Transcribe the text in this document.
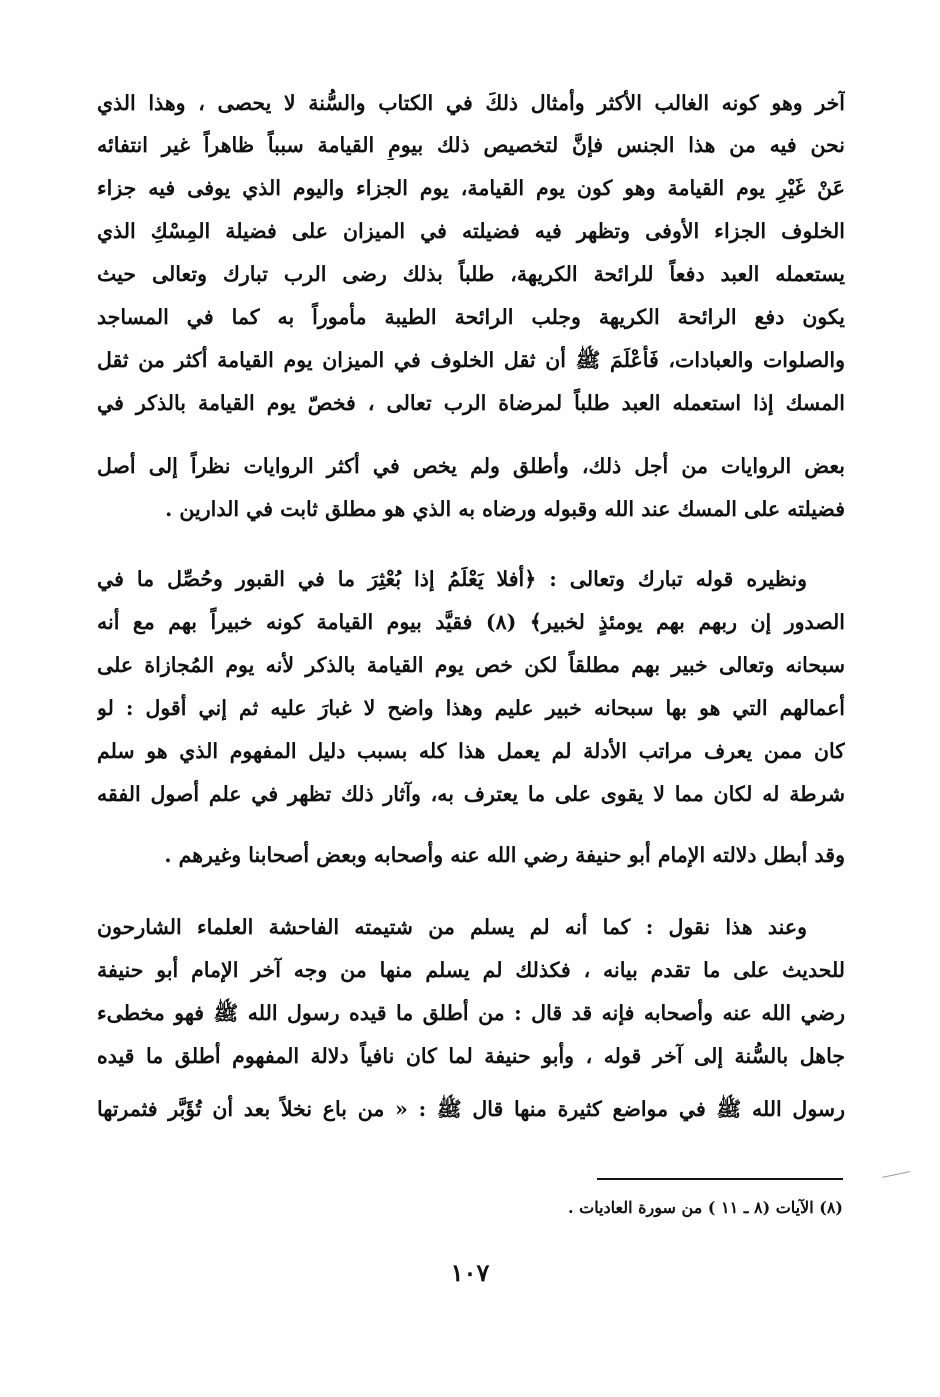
آخر وهو كونه الغالب الأكثر وأمثال ذلكَ في الكتاب والسُّنة لا يحصى ، وهذا الذي
نحن فيه من هذا الجنس فإنَّ لتخصيص ذلك بيومِ القيامة سبباً ظاهراً غير انتفائه
عَنْ غَيْرِ يوم القيامة وهو كون يوم القيامة، يوم الجزاء واليوم الذي يوفى فيه جزاء
الخلوف الجزاء الأوفى وتظهر فيه فضيلته في الميزان على فضيلة المِسْكِ الذي
يستعمله العبد دفعاً للرائحة الكريهة، طلباً بذلك رضى الرب تبارك وتعالى حيث
يكون دفع الرائحة الكريهة وجلب الرائحة الطيبة مأموراً به كما في المساجد
والصلوات والعبادات، فَأَعْلَمَ ﷺ أن ثقل الخلوف في الميزان يوم القيامة أكثر من ثقل
المسك إذا استعمله العبد طلباً لمرضاة الرب تعالى ، فخصّ يوم القيامة بالذكر في
بعض الروايات من أجل ذلك، وأطلق ولم يخص في أكثر الروايات نظراً إلى أصل
فضيلته على المسك عند الله وقبوله ورضاه به الذي هو مطلق ثابت في الدارين .
ونظيره قوله تبارك وتعالى : ﴿أفلا يَعْلَمُ إذا بُعْثِرَ ما في القبور وحُصِّل ما في
الصدور إن ربهم بهم يومئذٍ لخبير﴾ (٨) فقيَّد بيوم القيامة كونه خبيراً بهم مع أنه
سبحانه وتعالى خبير بهم مطلقاً لكن خص يوم القيامة بالذكر لأنه يوم المُجازاة على
أعمالهم التي هو بها سبحانه خبير عليم وهذا واضح لا غبارَ عليه ثم إني أقول : لو
كان ممن يعرف مراتب الأدلة لم يعمل هذا كله بسبب دليل المفهوم الذي هو سلم
شرطة له لكان مما لا يقوى على ما يعترف به، وآثار ذلك تظهر في علم أصول الفقه
وقد أبطل دلالته الإمام أبو حنيفة رضي الله عنه وأصحابه وبعض أصحابنا وغيرهم .
وعند هذا نقول : كما أنه لم يسلم من شتيمته الفاحشة العلماء الشارحون
للحديث على ما تقدم بيانه ، فكذلك لم يسلم منها من وجه آخر الإمام أبو حنيفة
رضي الله عنه وأصحابه فإنه قد قال : من أطلق ما قيده رسول الله ﷺ فهو مخطىء
جاهل بالسُّنة إلى آخر قوله ، وأبو حنيفة لما كان نافياً دلالة المفهوم أطلق ما قيده
رسول الله ﷺ في مواضع كثيرة منها قال ﷺ : « من باع نخلاً بعد أن تُؤَبَّر فثمرتها
(٨) الآيات (٨ ـ ١١ ) من سورة العاديات .
١٠٧
